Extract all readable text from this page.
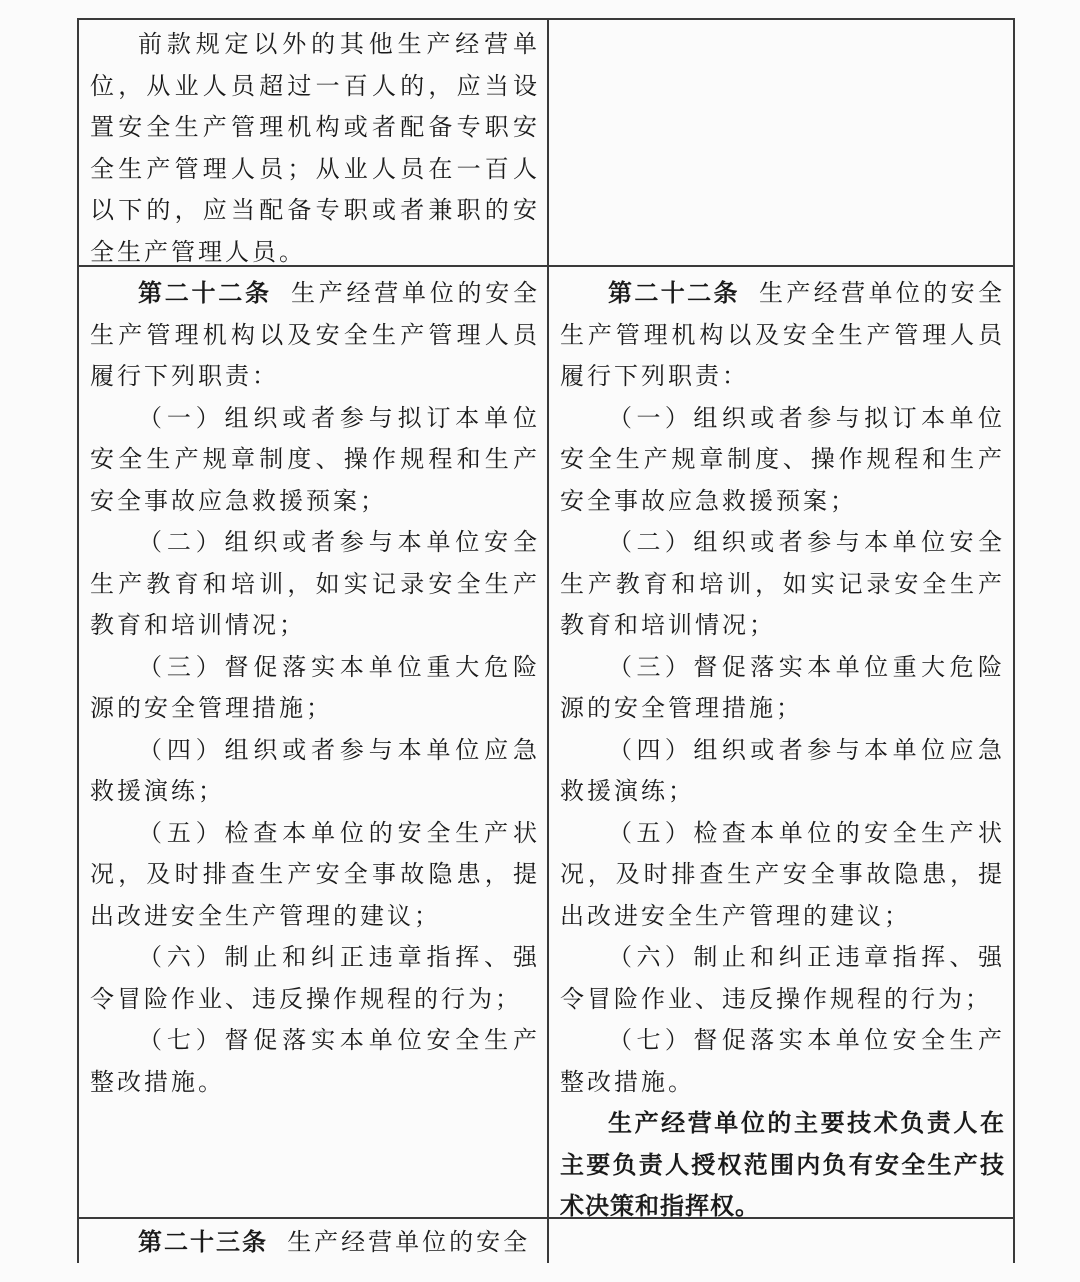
前款规定以外的其他生产经营单位，从业人员超过一百人的，应当设置安全生产管理机构或者配备专职安全生产管理人员；从业人员在一百人以下的，应当配备专职或者兼职的安全生产管理人员。

第二十二条 生产经营单位的安全生产管理机构以及安全生产管理人员履行下列职责：

（一）组织或者参与拟订本单位安全生产规章制度、操作规程和生产安全事故应急救援预案；

（二）组织或者参与本单位安全生产教育和培训，如实记录安全生产教育和培训情况；

（三）督促落实本单位重大危险源的安全管理措施；

（四）组织或者参与本单位应急救援演练；

（五）检查本单位的安全生产状况，及时排查生产安全事故隐患，提出改进安全生产管理的建议；

（六）制止和纠正违章指挥、强令冒险作业、违反操作规程的行为；

（七）督促落实本单位安全生产整改措施。

第二十二条 生产经营单位的安全生产管理机构以及安全生产管理人员履行下列职责：

（一）组织或者参与拟订本单位安全生产规章制度、操作规程和生产安全事故应急救援预案；

（二）组织或者参与本单位安全生产教育和培训，如实记录安全生产教育和培训情况；

（三）督促落实本单位重大危险源的安全管理措施；

（四）组织或者参与本单位应急救援演练；

（五）检查本单位的安全生产状况，及时排查生产安全事故隐患，提出改进安全生产管理的建议；

（六）制止和纠正违章指挥、强令冒险作业、违反操作规程的行为；

（七）督促落实本单位安全生产整改措施。

生产经营单位的主要技术负责人在主要负责人授权范围内负有安全生产技术决策和指挥权。

第二十三条 生产经营单位的安全
